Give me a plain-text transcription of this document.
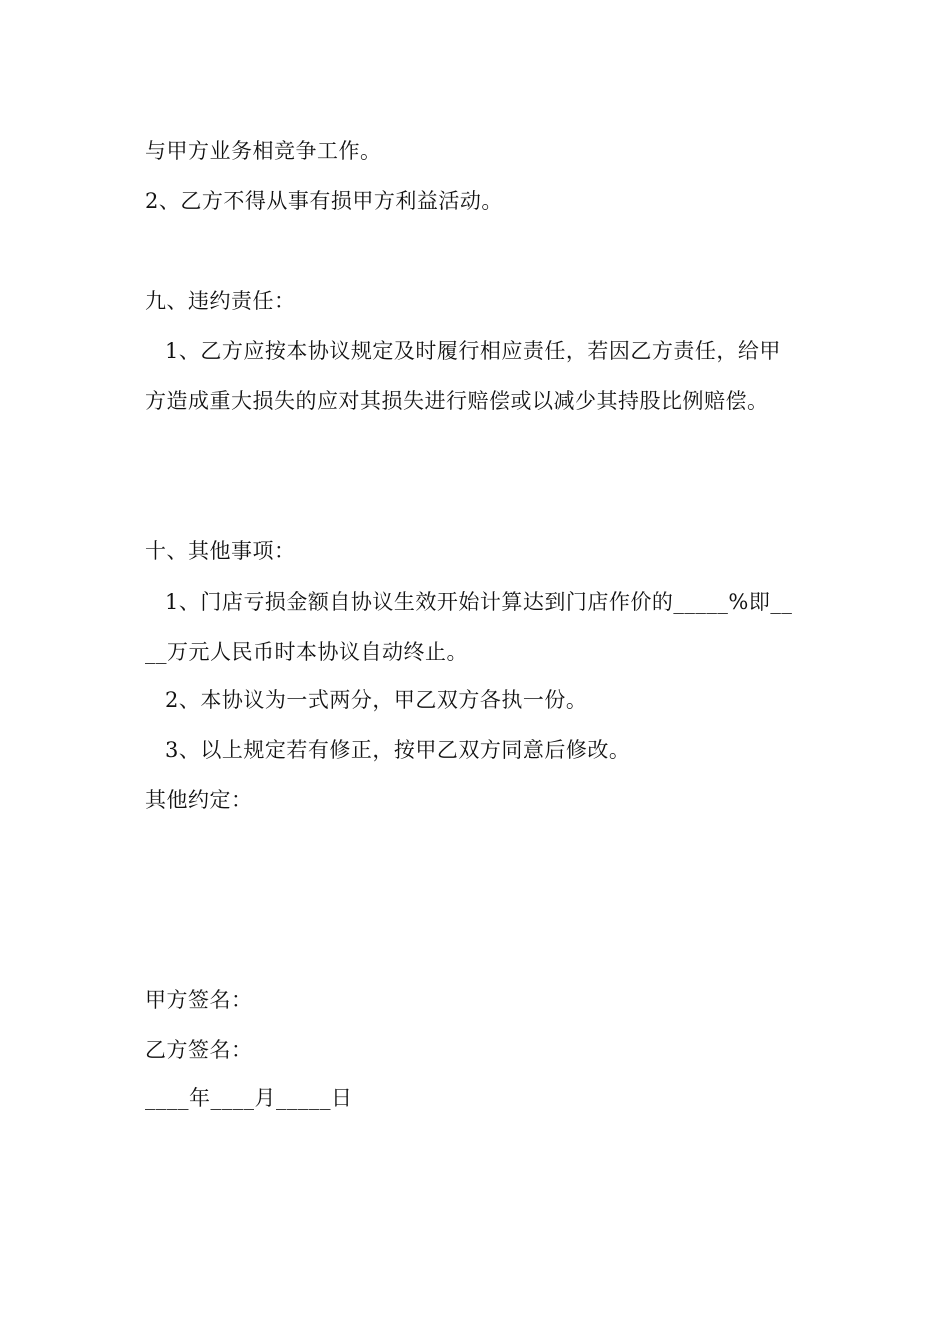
与甲方业务相竞争工作。
2、乙方不得从事有损甲方利益活动。
九、违约责任：
1、乙方应按本协议规定及时履行相应责任，若因乙方责任，给甲
方造成重大损失的应对其损失进行赔偿或以减少其持股比例赔偿。
十、其他事项：
1、门店亏损金额自协议生效开始计算达到门店作价的_____%即__
__万元人民币时本协议自动终止。
2、本协议为一式两分，甲乙双方各执一份。
3、以上规定若有修正，按甲乙双方同意后修改。
其他约定：
甲方签名：
乙方签名：
____年____月_____日
